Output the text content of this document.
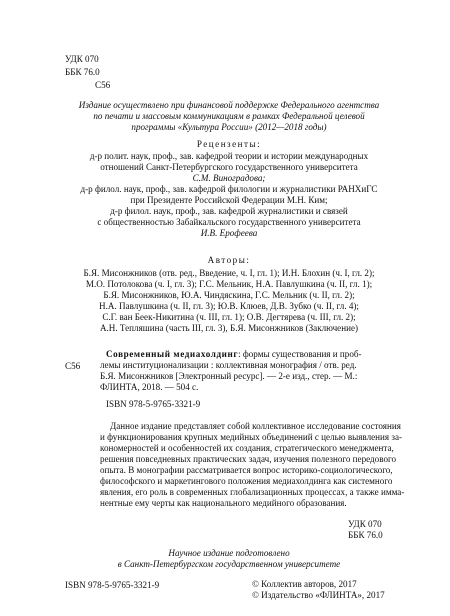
УДК 070
ББК 76.0
С56
Издание осуществлено при финансовой поддержке Федерального агентства
по печати и массовым коммуникациям в рамках Федеральной целевой
программы «Культура России» (2012—2018 годы)
Рецензенты:
д-р полит. наук, проф., зав. кафедрой теории и истории международных
отношений Санкт-Петербургского государственного университета
С.М. Виноградова;
д-р филол. наук, проф., зав. кафедрой филологии и журналистики РАНХиГС
при Президенте Российской Федерации М.Н. Ким;
д-р филол. наук, проф., зав. кафедрой журналистики и связей
с общественностью Забайкальского государственного университета
И.В. Ерофеева
Авторы:
Б.Я. Мисонжников (отв. ред., Введение, ч. I, гл. 1); И.Н. Блохин (ч. I, гл. 2);
М.О. Потолокова (ч. I, гл. 3); Г.С. Мельник, Н.А. Павлушкина (ч. II, гл. 1);
Б.Я. Мисонжников, Ю.А. Чиндяскина, Г.С. Мельник (ч. II, гл. 2);
Н.А. Павлушкина (ч. II, гл. 3); Ю.В. Клюев, Д.В. Зубко (ч. II, гл. 4);
С.Г. ван Беек-Никитина (ч. III, гл. 1); О.В. Дегтярева (ч. III, гл. 2);
А.Н. Тепляшина (часть III, гл. 3), Б.Я. Мисонжников (Заключение)
С56
Современный медиахолдинг: формы существования и проб-
лемы институционализации : коллективная монография / отв. ред.
Б.Я. Мисонжников [Электронный ресурс]. — 2-е изд., стер. — М.:
ФЛИНТА, 2018. — 504 с.
ISBN 978-5-9765-3321-9
Данное издание представляет собой коллективное исследование состояния
и функционирования крупных медийных объединений с целью выявления за-
кономерностей и особенностей их создания, стратегического менеджмента,
решения повседневных практических задач, изучения полезного передового
опыта. В монографии рассматривается вопрос историко-социологического,
философского и маркетингового положения медиахолдинга как системного
явления, его роль в современных глобализационных процессах, а также имма-
нентные ему черты как национального медийного образования.
УДК 070
ББК 76.0
Научное издание подготовлено
в Санкт-Петербургском государственном университете
ISBN 978-5-9765-3321-9	© Коллектив авторов, 2017
© Издательство «ФЛИНТА», 2017
